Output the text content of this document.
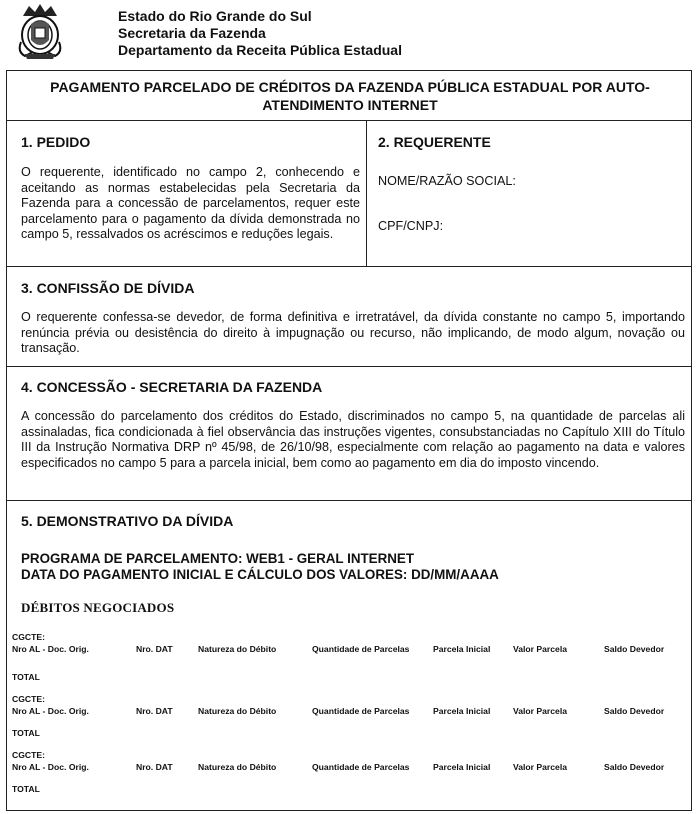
Estado do Rio Grande do Sul
Secretaria da Fazenda
Departamento da Receita Pública Estadual
PAGAMENTO PARCELADO DE CRÉDITOS DA FAZENDA PÚBLICA ESTADUAL POR AUTO-ATENDIMENTO INTERNET
1. PEDIDO
O requerente, identificado no campo 2, conhecendo e aceitando as normas estabelecidas pela Secretaria da Fazenda para a concessão de parcelamentos, requer este parcelamento para o pagamento da dívida demonstrada no campo 5, ressalvados os acréscimos e reduções legais.
2. REQUERENTE
NOME/RAZÃO SOCIAL:
CPF/CNPJ:
3. CONFISSÃO DE DÍVIDA
O requerente confessa-se devedor, de forma definitiva e irretratável, da dívida constante no campo 5, importando renúncia prévia ou desistência do direito à impugnação ou recurso, não implicando, de modo algum, novação ou transação.
4. CONCESSÃO - SECRETARIA DA FAZENDA
A concessão do parcelamento dos créditos do Estado, discriminados no campo 5, na quantidade de parcelas ali assinaladas, fica condicionada à fiel observância das instruções vigentes, consubstanciadas no Capítulo XIII do Título III da Instrução Normativa DRP nº 45/98, de 26/10/98, especialmente com relação ao pagamento na data e valores especificados no campo 5 para a parcela inicial, bem como ao pagamento em dia do imposto vincendo.
5. DEMONSTRATIVO DA DÍVIDA
PROGRAMA DE PARCELAMENTO: WEB1 - GERAL INTERNET
DATA DO PAGAMENTO INICIAL E CÁLCULO DOS VALORES: DD/MM/AAAA
DÉBITOS NEGOCIADOS
CGCTE:
Nro AL - Doc. Orig.	Nro. DAT	Natureza do Débito	Quantidade de Parcelas	Parcela Inicial	Valor Parcela	Saldo Devedor
TOTAL
CGCTE:
Nro AL - Doc. Orig.	Nro. DAT	Natureza do Débito	Quantidade de Parcelas	Parcela Inicial	Valor Parcela	Saldo Devedor
TOTAL
CGCTE:
Nro AL - Doc. Orig.	Nro. DAT	Natureza do Débito	Quantidade de Parcelas	Parcela Inicial	Valor Parcela	Saldo Devedor
TOTAL
